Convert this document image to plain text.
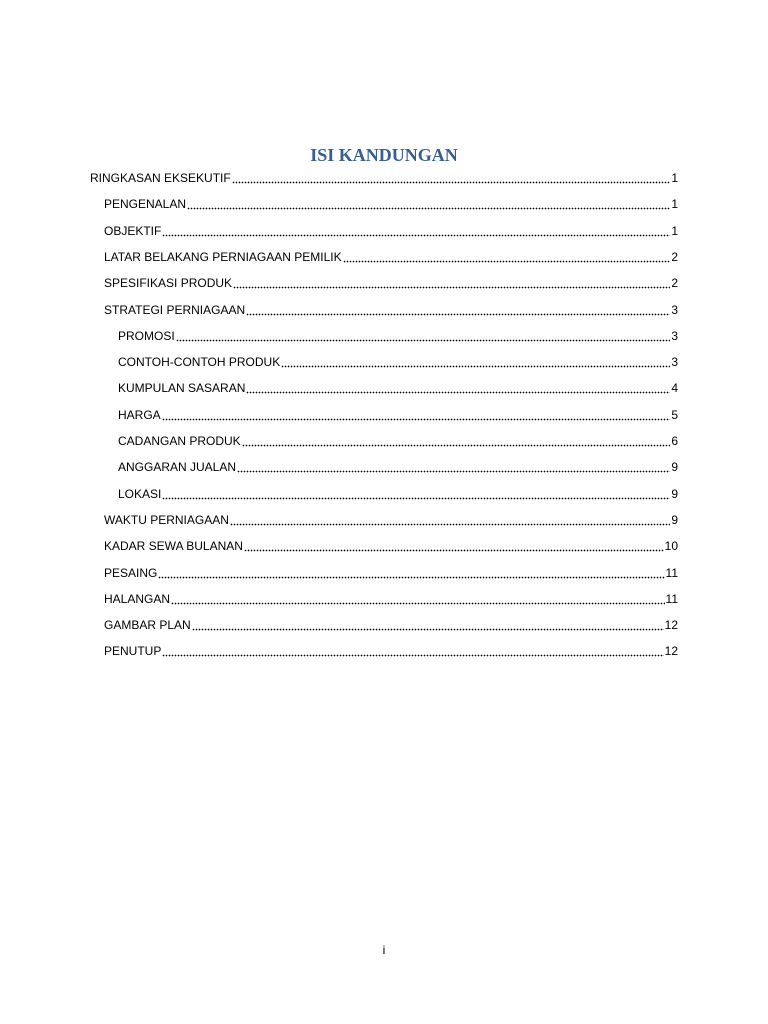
ISI KANDUNGAN
RINGKASAN EKSEKUTIF	1
PENGENALAN	1
OBJEKTIF	1
LATAR BELAKANG PERNIAGAAN PEMILIK	2
SPESIFIKASI PRODUK	2
STRATEGI PERNIAGAAN	3
PROMOSI	3
CONTOH-CONTOH PRODUK	3
KUMPULAN SASARAN	4
HARGA	5
CADANGAN PRODUK	6
ANGGARAN JUALAN	9
LOKASI	9
WAKTU PERNIAGAAN	9
KADAR SEWA BULANAN	10
PESAING	11
HALANGAN	11
GAMBAR PLAN	12
PENUTUP	12
i
